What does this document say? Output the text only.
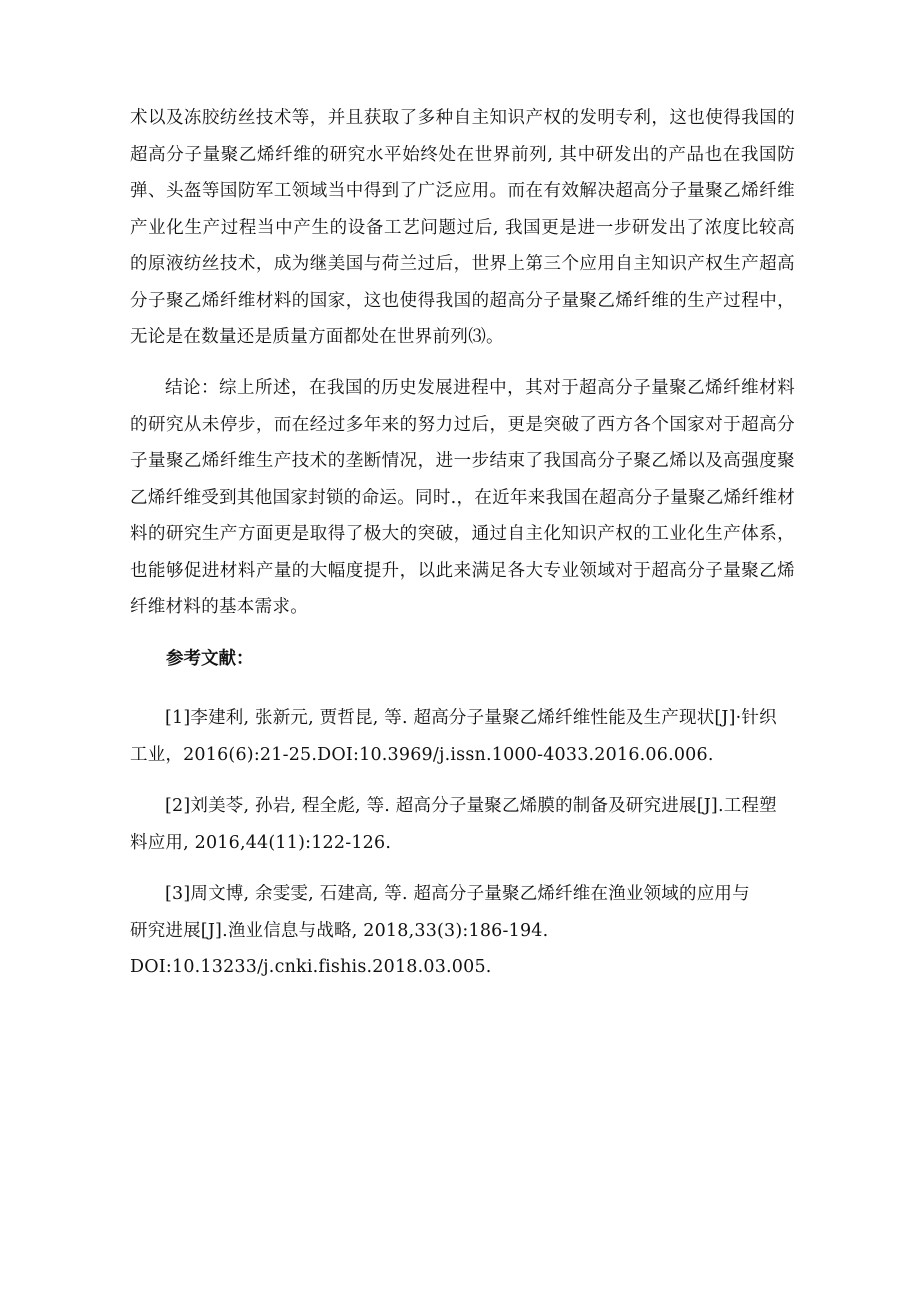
术以及冻胶纺丝技术等，并且获取了多种自主知识产权的发明专利，这也使得我国的超高分子量聚乙烯纤维的研究水平始终处在世界前列, 其中研发出的产品也在我国防弹、头盔等国防军工领域当中得到了广泛应用。而在有效解决超高分子量聚乙烯纤维产业化生产过程当中产生的设备工艺问题过后, 我国更是进一步研发出了浓度比较高的原液纺丝技术，成为继美国与荷兰过后，世界上第三个应用自主知识产权生产超高分子聚乙烯纤维材料的国家，这也使得我国的超高分子量聚乙烯纤维的生产过程中，无论是在数量还是质量方面都处在世界前列⑶。

结论：综上所述，在我国的历史发展进程中，其对于超高分子量聚乙烯纤维材料的研究从未停步，而在经过多年来的努力过后，更是突破了西方各个国家对于超高分子量聚乙烯纤维生产技术的垄断情况，进一步结束了我国高分子聚乙烯以及高强度聚乙烯纤维受到其他国家封锁的命运。同时.，在近年来我国在超高分子量聚乙烯纤维材料的研究生产方面更是取得了极大的突破，通过自主化知识产权的工业化生产体系，也能够促进材料产量的大幅度提升，以此来满足各大专业领域对于超高分子量聚乙烯纤维材料的基本需求。

参考文献：
[1]李建利, 张新元, 贾哲昆, 等. 超高分子量聚乙烯纤维性能及生产现状[J]·针织
工业，2016(6):21-25.DOI:10.3969/j.issn.1000-4033.2016.06.006.
[2]刘美苓, 孙岩, 程全彪, 等. 超高分子量聚乙烯膜的制备及研究进展[J].工程塑
料应用, 2016,44(11):122-126.
[3]周文博, 余雯雯, 石建高, 等. 超高分子量聚乙烯纤维在渔业领域的应用与
研究进展[J].渔业信息与战略, 2018,33(3):186-194.
DOI:10.13233/j.cnki.fishis.2018.03.005.
